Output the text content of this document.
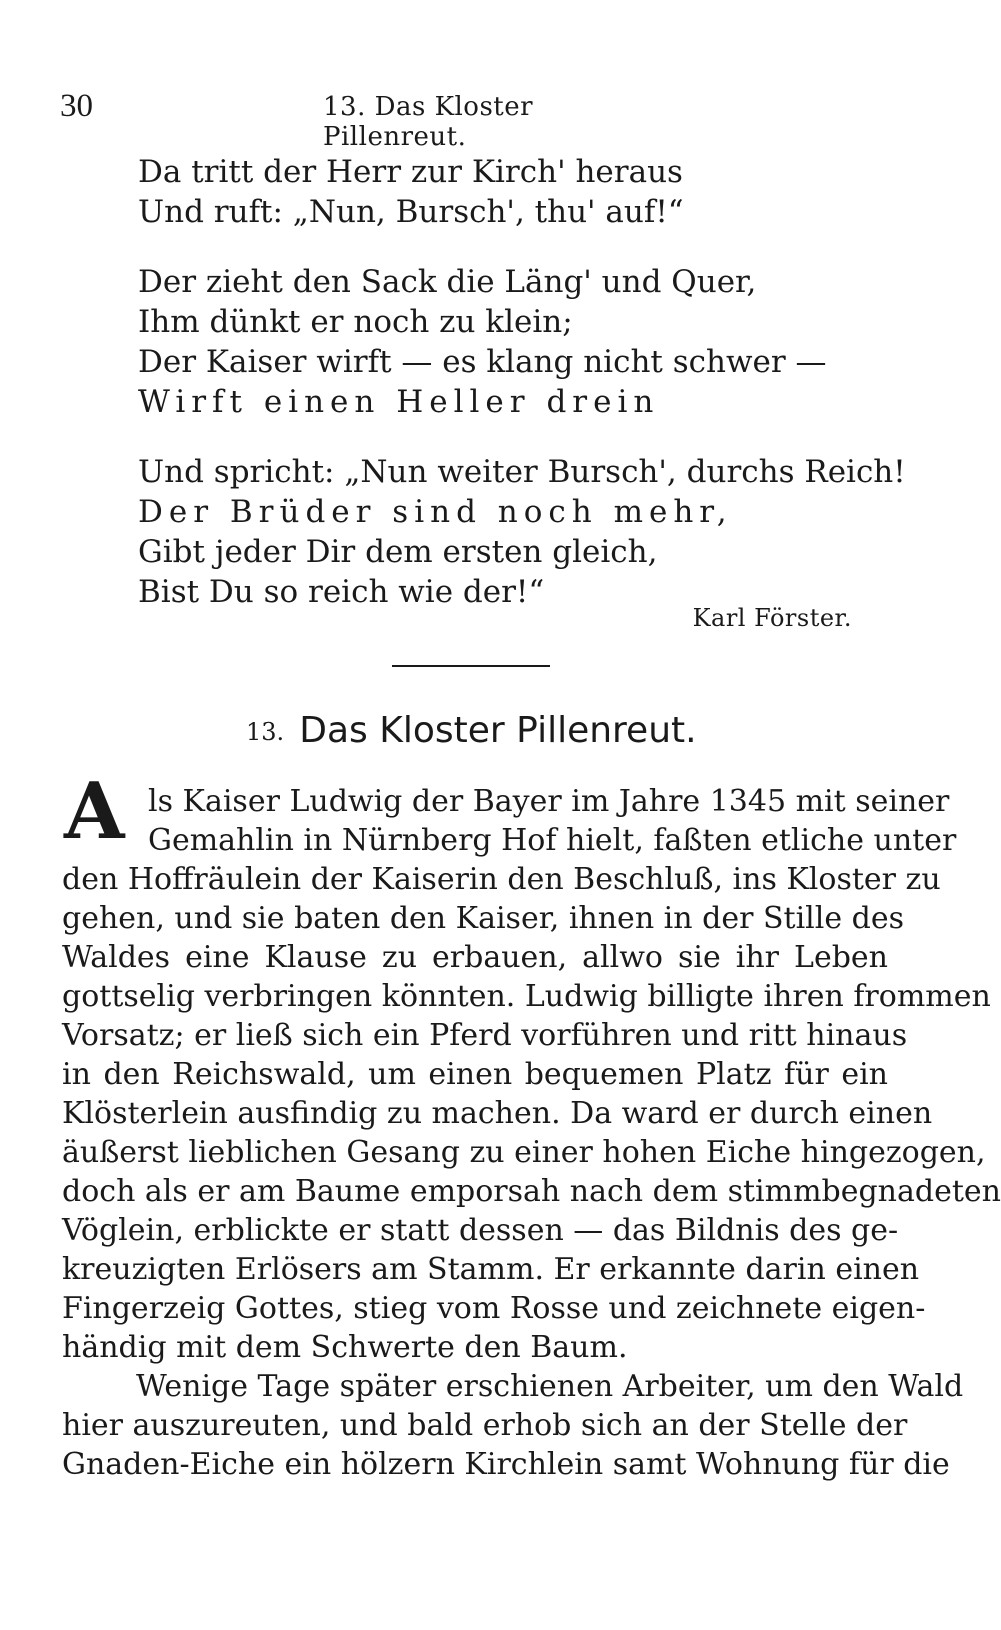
30	13. Das Kloster Pillenreut.
Da tritt der Herr zur Kirch' heraus
Und ruft: „Nun, Bursch', thu' auf!“
Der zieht den Sack die Läng' und Quer,
Ihm dünkt er noch zu klein;
Der Kaiser wirft — es klang nicht schwer —
Wirft einen Heller drein
Und spricht: „Nun weiter Bursch', durchs Reich!
Der Brüder sind noch mehr,
Gibt jeder Dir dem ersten gleich,
Bist Du so reich wie der!“
Karl Förster.
13. Das Kloster Pillenreut.
A ls Kaiser Ludwig der Bayer im Jahre 1345 mit seiner
Gemahlin in Nürnberg Hof hielt, faßten etliche unter
den Hoffräulein der Kaiserin den Beschluß, ins Kloster zu
gehen, und sie baten den Kaiser, ihnen in der Stille des
Waldes eine Klause zu erbauen, allwo sie ihr Leben
gottselig verbringen könnten. Ludwig billigte ihren frommen
Vorsatz; er ließ sich ein Pferd vorführen und ritt hinaus
in den Reichswald, um einen bequemen Platz für ein
Klösterlein ausfindig zu machen. Da ward er durch einen
äußerst lieblichen Gesang zu einer hohen Eiche hingezogen,
doch als er am Baume emporsah nach dem stimmbegnadeten
Vöglein, erblickte er statt dessen — das Bildnis des ge-
kreuzigten Erlösers am Stamm. Er erkannte darin einen
Fingerzeig Gottes, stieg vom Rosse und zeichnete eigen-
händig mit dem Schwerte den Baum.
Wenige Tage später erschienen Arbeiter, um den Wald
hier auszureuten, und bald erhob sich an der Stelle der
Gnaden-Eiche ein hölzern Kirchlein samt Wohnung für die
